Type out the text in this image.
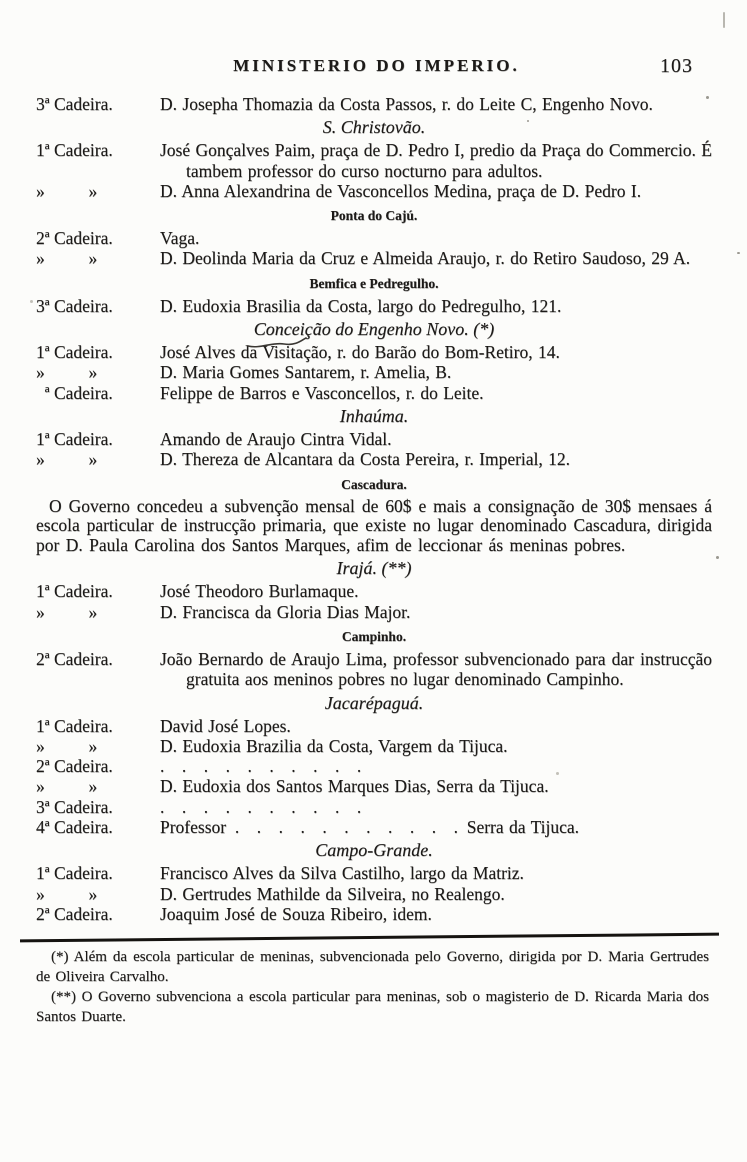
MINISTERIO DO IMPERIO.	103
3ª Cadeira.	D. Josepha Thomazia da Costa Passos, r. do Leite C, Engenho Novo.
S. Christovão.
1ª Cadeira.	José Gonçalves Paim, praça de D. Pedro I, predio da Praça do Commercio. É tambem professor do curso nocturno para adultos.
»   »	D. Anna Alexandrina de Vasconcellos Medina, praça de D. Pedro I.
Ponta do Cajú.
2ª Cadeira.	Vaga.
»   »	D. Deolinda Maria da Cruz e Almeida Araujo, r. do Retiro Saudoso, 29 A.
Bemfica e Pedregulho.
3ª Cadeira.	D. Eudoxia Brasilia da Costa, largo do Pedregulho, 121.
Conceição do Engenho Novo. (*)
1ª Cadeira.	José Alves da Visitação, r. do Barão do Bom-Retiro, 14.
»   »	D. Maria Gomes Santarem, r. Amelia, B.
 ª Cadeira.	Felippe de Barros e Vasconcellos, r. do Leite.
Inhaúma.
1ª Cadeira.	Amando de Araujo Cintra Vidal.
»   »	D. Thereza de Alcantara da Costa Pereira, r. Imperial, 12.
Cascadura.

O Governo concedeu a subvenção mensal de 60$ e mais a consignação de 30$ mensaes á escola particular de instrucção primaria, que existe no lugar denominado Cascadura, dirigida por D. Paula Carolina dos Santos Marques, afim de leccionar ás meninas pobres.

Irajá. (**)
1ª Cadeira.	José Theodoro Burlamaque.
»   »	D. Francisca da Gloria Dias Major.
Campinho.
2ª Cadeira.	João Bernardo de Araujo Lima, professor subvencionado para dar instrucção gratuita aos meninos pobres no lugar denominado Campinho.
Jacarépaguá.
1ª Cadeira.	David José Lopes.
»   »	D. Eudoxia Brazilia da Costa, Vargem da Tijuca.
2ª Cadeira.	. . . . . . . . . .
»   »	D. Eudoxia dos Santos Marques Dias, Serra da Tijuca.
3ª Cadeira.	. . . . . . . . . .
4ª Cadeira.	Professor . . . . . . . . . . . Serra da Tijuca.
Campo-Grande.
1ª Cadeira.	Francisco Alves da Silva Castilho, largo da Matriz.
»   »	D. Gertrudes Mathilde da Silveira, no Realengo.
2ª Cadeira.	Joaquim José de Souza Ribeiro, idem.

(*) Além da escola particular de meninas, subvencionada pelo Governo, dirigida por D. Maria Gertrudes de Oliveira Carvalho.

(**) O Governo subvenciona a escola particular para meninas, sob o magisterio de D. Ricarda Maria dos Santos Duarte.
